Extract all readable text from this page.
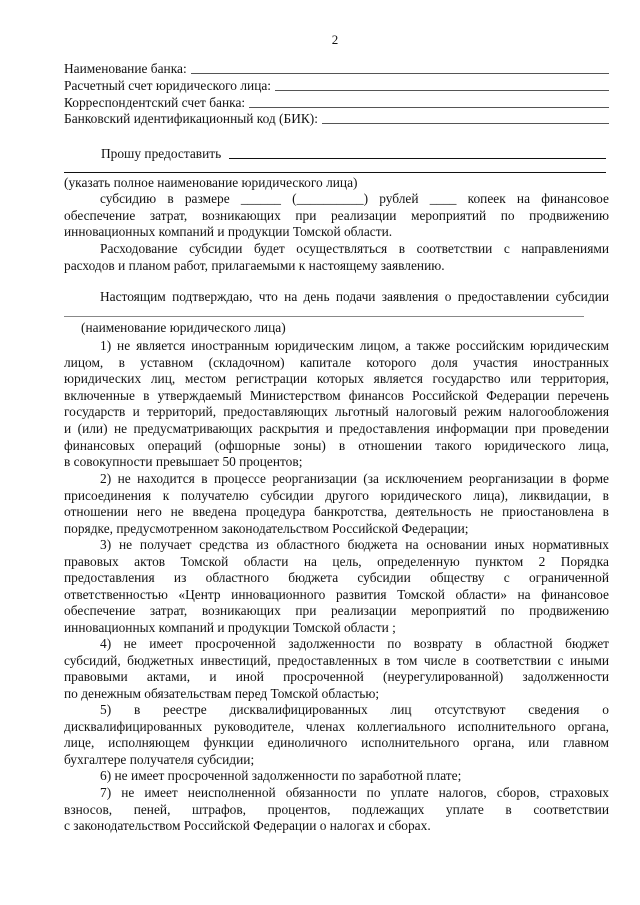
2
Наименование банка:
Расчетный счет юридического лица:
Корреспондентский счет банка:
Банковский идентификационный код (БИК):
Прошу предоставить
(указать полное наименование юридического лица)
субсидию в размере ______ (__________) рублей ____ копеек на финансовое
обеспечение затрат, возникающих при реализации мероприятий по продвижению
инновационных компаний и продукции Томской области.
Расходование субсидии будет осуществляться в соответствии с направлениями
расходов и планом работ, прилагаемыми к настоящему заявлению.
Настоящим подтверждаю, что на день подачи заявления о предоставлении субсидии
(наименование юридического лица)
1) не является иностранным юридическим лицом, а также российским юридическим
лицом, в уставном (складочном) капитале которого доля участия иностранных
юридических лиц, местом регистрации которых является государство или территория,
включенные в утверждаемый Министерством финансов Российской Федерации перечень
государств и территорий, предоставляющих льготный налоговый режим налогообложения
и (или) не предусматривающих раскрытия и предоставления информации при проведении
финансовых операций (офшорные зоны) в отношении такого юридического лица,
в совокупности превышает 50 процентов;
2) не находится в процессе реорганизации (за исключением реорганизации в форме
присоединения к получателю субсидии другого юридического лица), ликвидации, в
отношении него не введена процедура банкротства, деятельность не приостановлена в
порядке, предусмотренном законодательством Российской Федерации;
3) не получает средства из областного бюджета на основании иных нормативных
правовых актов Томской области на цель, определенную пунктом 2 Порядка
предоставления из областного бюджета субсидии обществу с ограниченной
ответственностью «Центр инновационного развития Томской области» на финансовое
обеспечение затрат, возникающих при реализации мероприятий по продвижению
инновационных компаний и продукции Томской области ;
4) не имеет просроченной задолженности по возврату в областной бюджет
субсидий, бюджетных инвестиций, предоставленных в том числе в соответствии с иными
правовыми актами, и иной просроченной (неурегулированной) задолженности
по денежным обязательствам перед Томской областью;
5) в реестре дисквалифицированных лиц отсутствуют сведения о
дисквалифицированных руководителе, членах коллегиального исполнительного органа,
лице, исполняющем функции единоличного исполнительного органа, или главном
бухгалтере получателя субсидии;
6) не имеет просроченной задолженности по заработной плате;
7) не имеет неисполненной обязанности по уплате налогов, сборов, страховых
взносов, пеней, штрафов, процентов, подлежащих уплате в соответствии
с законодательством Российской Федерации о налогах и сборах.
